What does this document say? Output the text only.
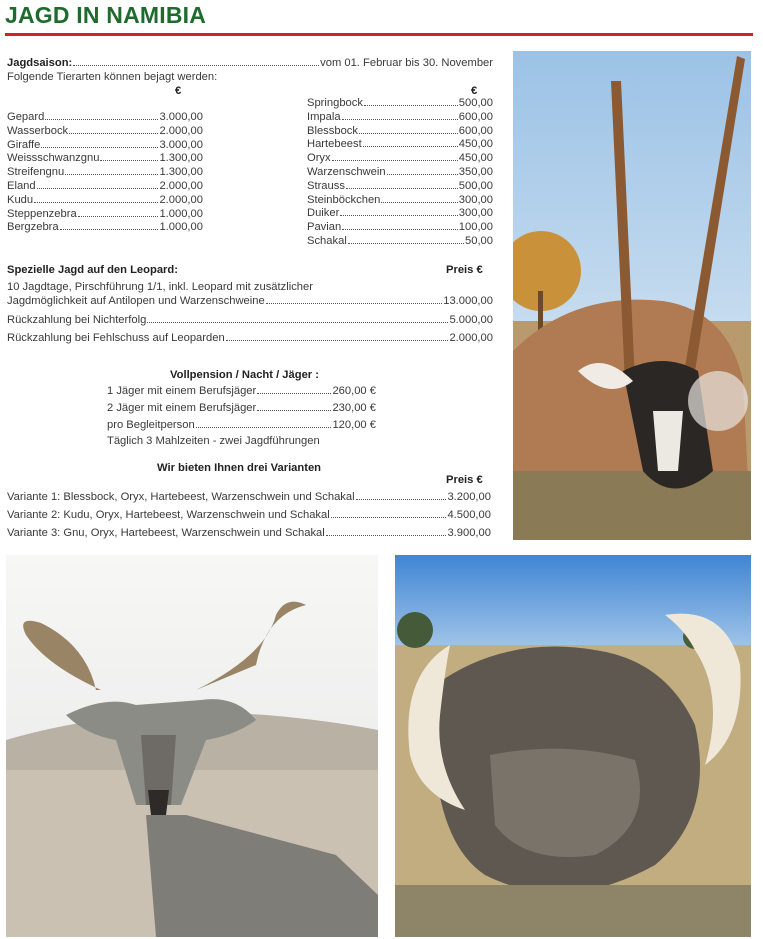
JAGD IN NAMIBIA
Jagdsaison:	vom 01. Februar bis 30. November
Folgende Tierarten können bejagt werden:
€	€
Gepard	3.000,00
Wasserbock	2.000,00
Giraffe	3.000,00
Weissschwanzgnu	1.300,00
Streifengnu	1.300,00
Eland	2.000,00
Kudu	2.000,00
Steppenzebra	1.000,00
Bergzebra	1.000,00
Springbock	500,00
Impala	600,00
Blessbock	600,00
Hartebeest	450,00
Oryx	450,00
Warzenschwein	350,00
Strauss	500,00
Steinböckchen	300,00
Duiker	300,00
Pavian	100,00
Schakal	50,00
Spezielle Jagd auf den Leopard:	Preis €
10 Jagdtage, Pirschführung 1/1, inkl. Leopard mit zusätzlicher
Jagdmöglichkeit auf Antilopen und Warzenschweine	13.000,00
Rückzahlung bei Nichterfolg	5.000,00
Rückzahlung bei Fehlschuss auf Leoparden	2.000,00
Vollpension / Nacht / Jäger :
1 Jäger mit einem Berufsjäger	260,00 €
2 Jäger mit einem Berufsjäger	230,00 €
pro Begleitperson	120,00 €
Täglich 3 Mahlzeiten - zwei Jagdführungen
Wir bieten Ihnen drei Varianten
Preis €
Variante 1: Blessbock, Oryx, Hartebeest, Warzenschwein und Schakal	3.200,00
Variante 2: Kudu, Oryx, Hartebeest, Warzenschwein und Schakal	4.500,00
Variante 3: Gnu, Oryx, Hartebeest, Warzenschwein und Schakal	3.900,00
